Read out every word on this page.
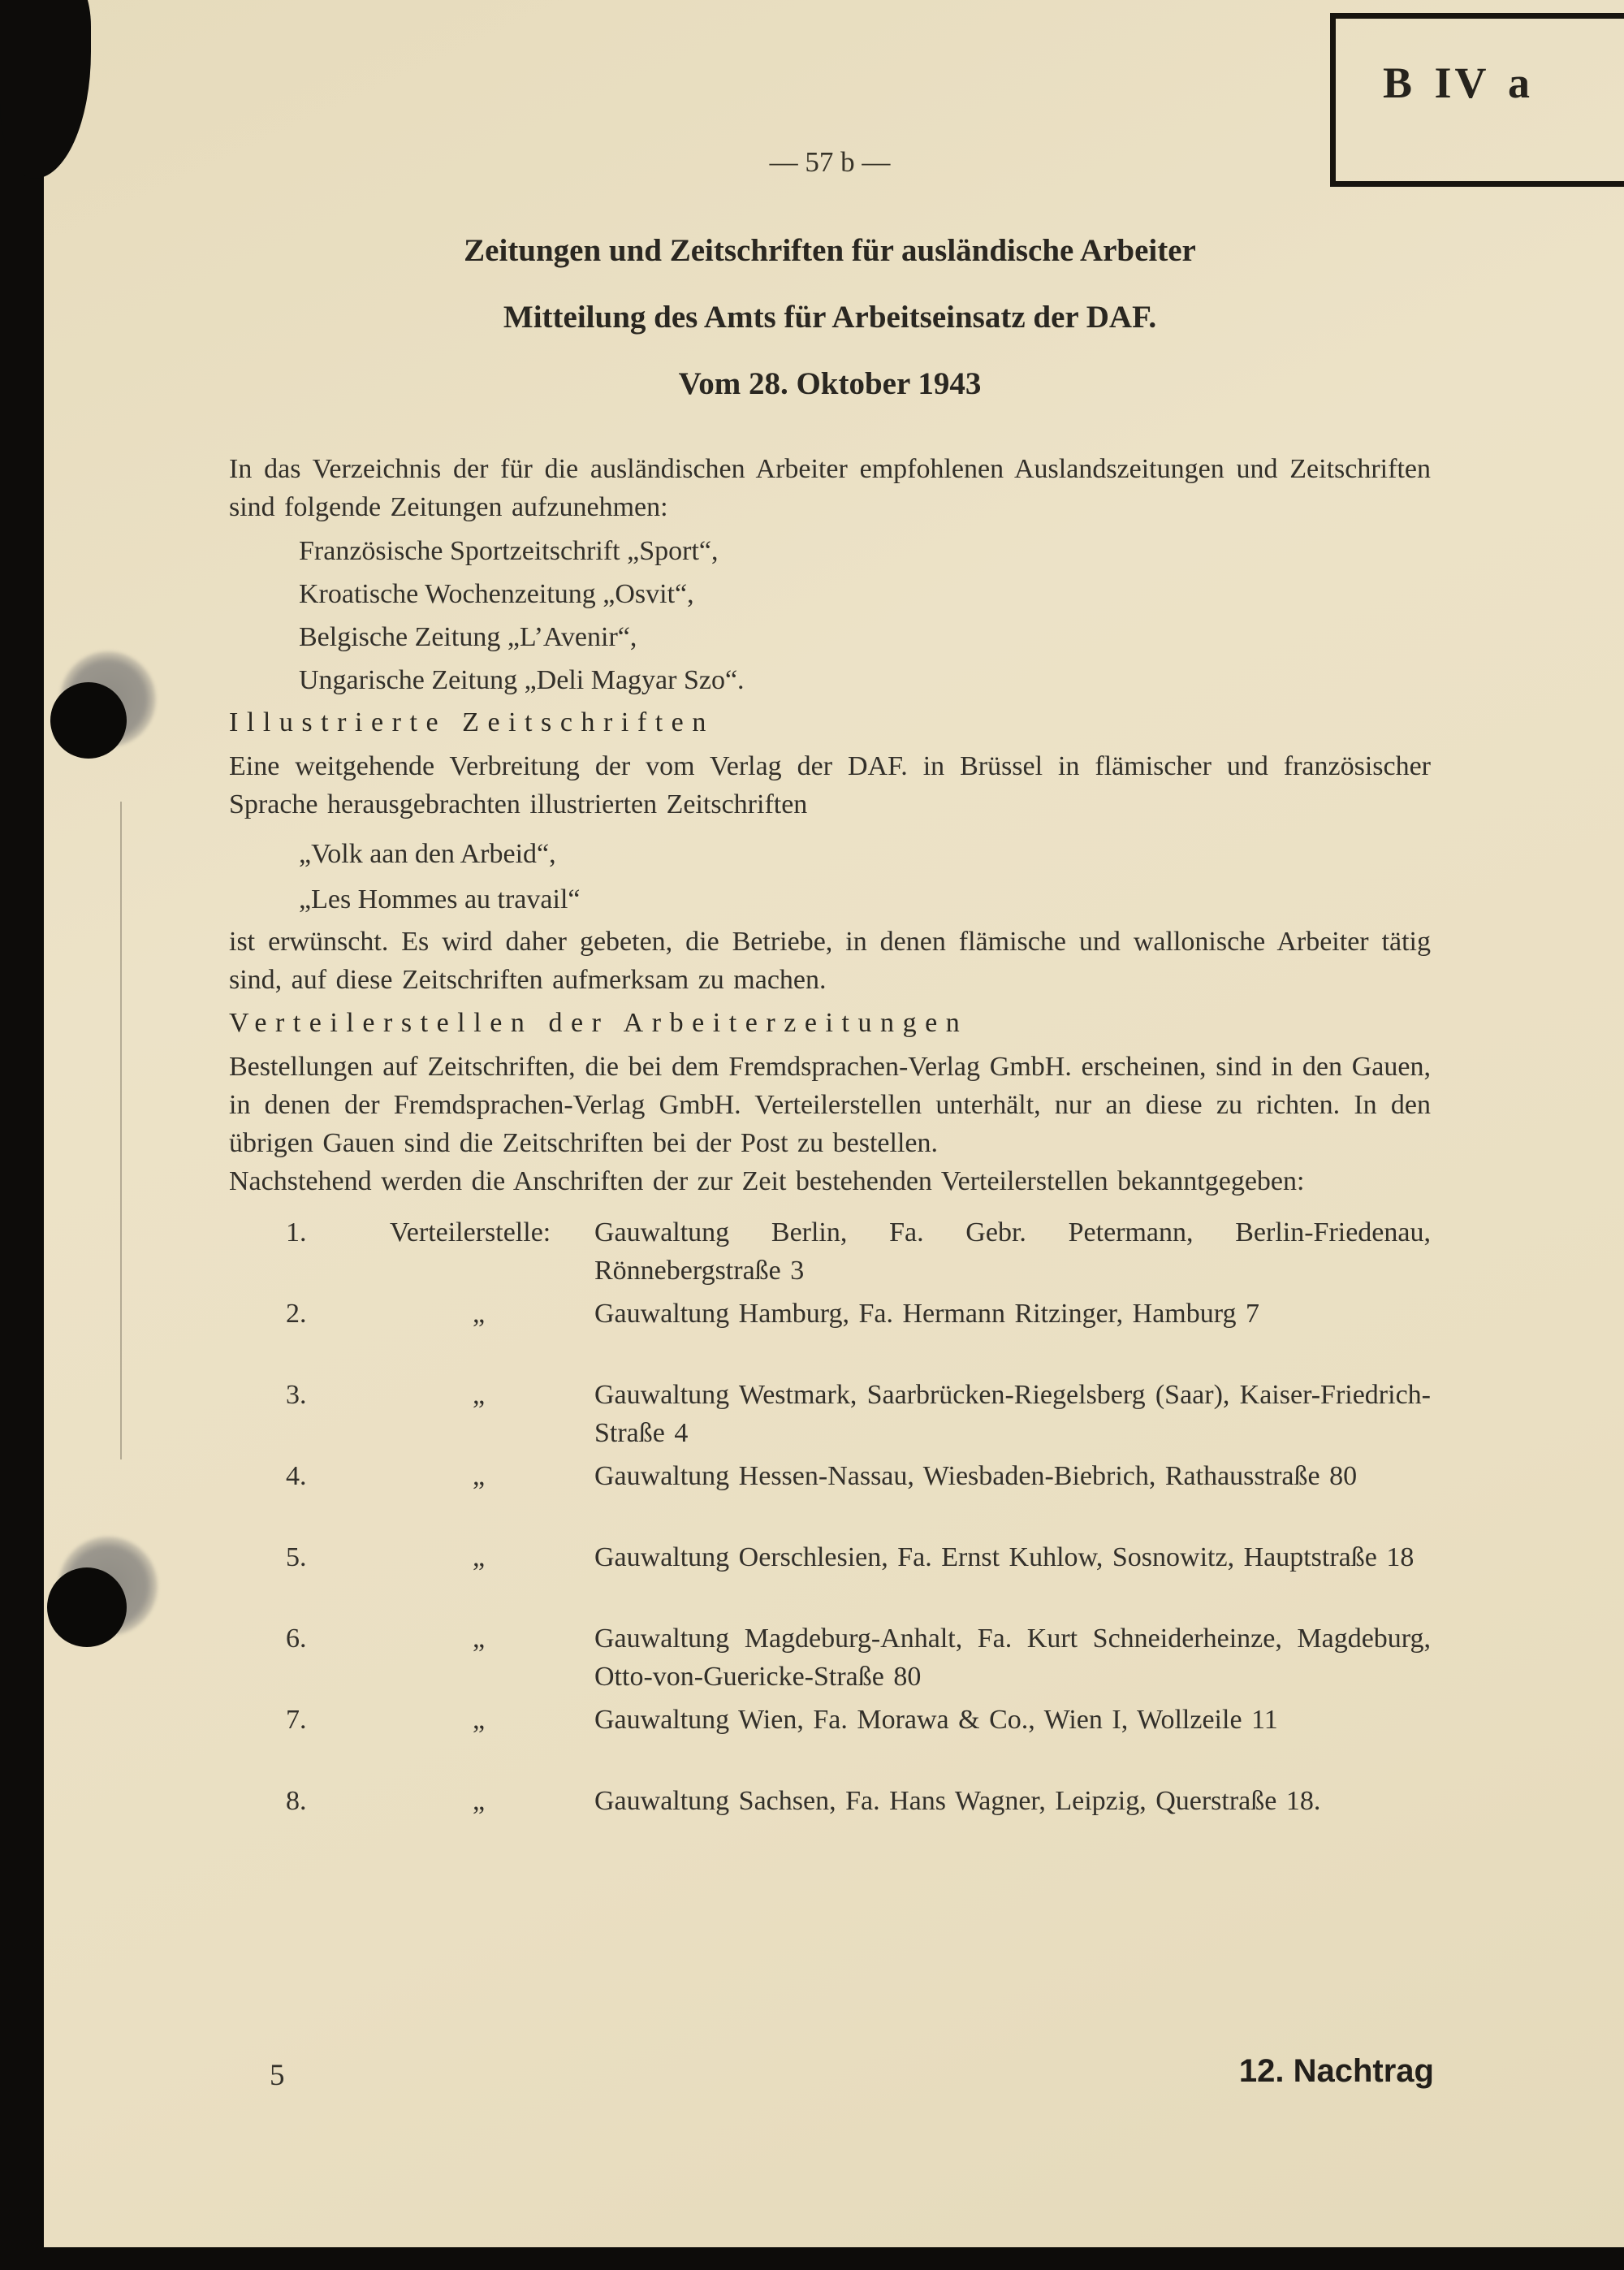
B IV a
— 57 b —
Zeitungen und Zeitschriften für ausländische Arbeiter
Mitteilung des Amts für Arbeitseinsatz der DAF.
Vom 28. Oktober 1943

In das Verzeichnis der für die ausländischen Arbeiter empfohlenen Auslandszeitungen und Zeitschriften sind folgende Zeitungen aufzunehmen:

Französische Sportzeitschrift „Sport“,
Kroatische Wochenzeitung „Osvit“,
Belgische Zeitung „L’Avenir“,
Ungarische Zeitung „Deli Magyar Szo“.
Illustrierte Zeitschriften

Eine weitgehende Verbreitung der vom Verlag der DAF. in Brüssel in flämischer und französischer Sprache herausgebrachten illustrierten Zeitschriften

„Volk aan den Arbeid“,
„Les Hommes au travail“

ist erwünscht. Es wird daher gebeten, die Betriebe, in denen flämische und wallonische Arbeiter tätig sind, auf diese Zeitschriften aufmerksam zu machen.

Verteilerstellen der Arbeiterzeitungen

Bestellungen auf Zeitschriften, die bei dem Fremdsprachen-Verlag GmbH. erscheinen, sind in den Gauen, in denen der Fremdsprachen-Verlag GmbH. Verteilerstellen unterhält, nur an diese zu richten. In den übrigen Gauen sind die Zeitschriften bei der Post zu bestellen.

Nachstehend werden die Anschriften der zur Zeit bestehenden Verteilerstellen bekanntgegeben:

1.	Verteilerstelle:	Gauwaltung Berlin, Fa. Gebr. Petermann, Berlin-Friedenau, Rönnebergstraße 3
2.	„	Gauwaltung Hamburg, Fa. Hermann Ritzinger, Hamburg 7
3.	„	Gauwaltung Westmark, Saarbrücken-Riegelsberg (Saar), Kaiser-Friedrich-Straße 4
4.	„	Gauwaltung Hessen-Nassau, Wiesbaden-Biebrich, Rathausstraße 80
5.	„	Gauwaltung Oerschlesien, Fa. Ernst Kuhlow, Sosnowitz, Hauptstraße 18
6.	„	Gauwaltung Magdeburg-Anhalt, Fa. Kurt Schneiderheinze, Magdeburg, Otto-von-Guericke-Straße 80
7.	„	Gauwaltung Wien, Fa. Morawa & Co., Wien I, Wollzeile 11
8.	„	Gauwaltung Sachsen, Fa. Hans Wagner, Leipzig, Querstraße 18.
5	12. Nachtrag
